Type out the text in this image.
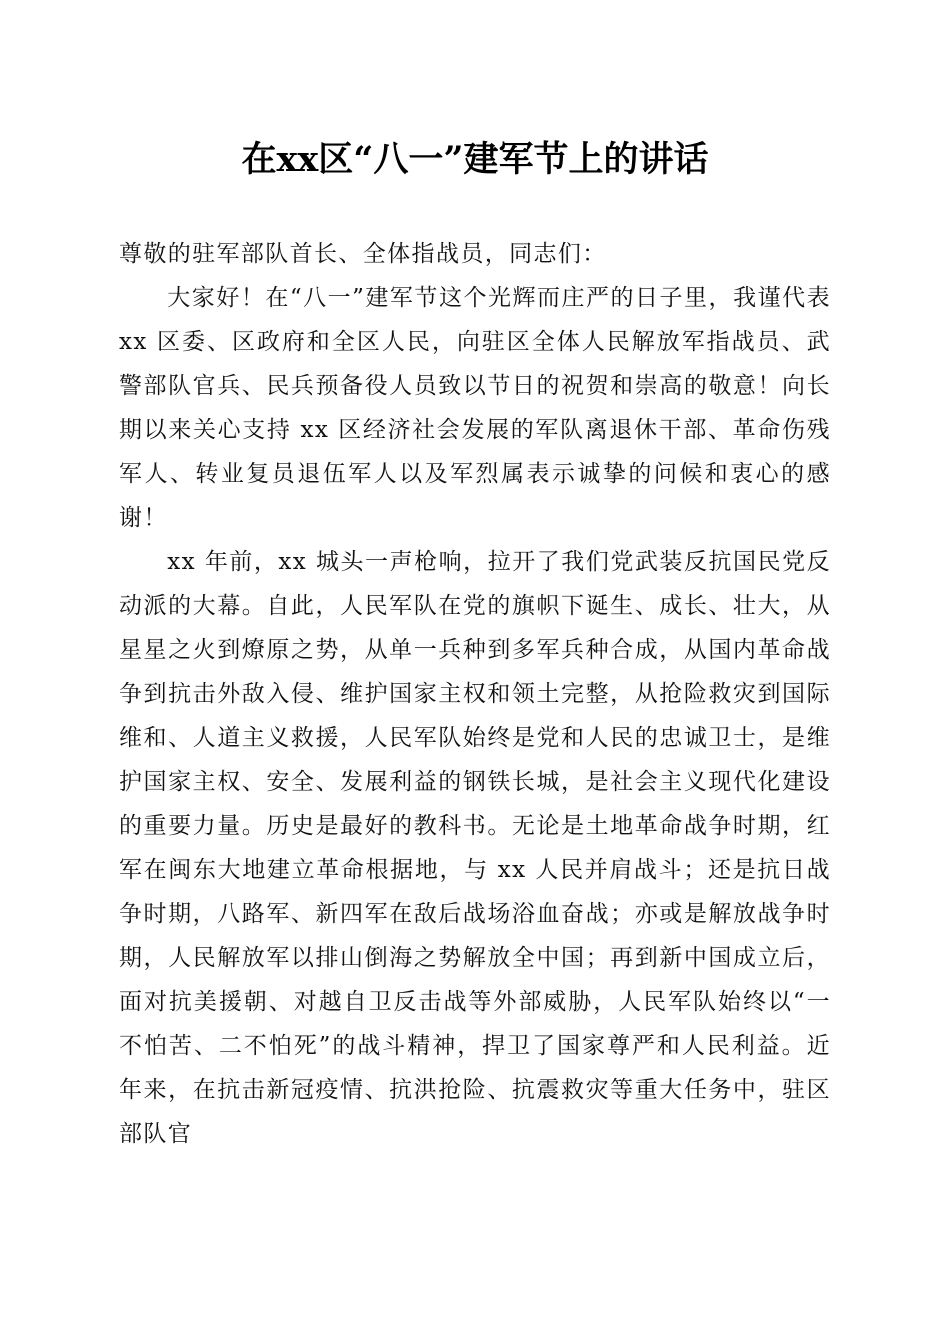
在xx区“八一”建军节上的讲话

尊敬的驻军部队首长、全体指战员，同志们：

大家好！在“八一”建军节这个光辉而庄严的日子里，我谨代表 xx 区委、区政府和全区人民，向驻区全体人民解放军指战员、武警部队官兵、民兵预备役人员致以节日的祝贺和崇高的敬意！向长期以来关心支持 xx 区经济社会发展的军队离退休干部、革命伤残军人、转业复员退伍军人以及军烈属表示诚挚的问候和衷心的感谢！

xx 年前，xx 城头一声枪响，拉开了我们党武装反抗国民党反动派的大幕。自此，人民军队在党的旗帜下诞生、成长、壮大，从星星之火到燎原之势，从单一兵种到多军兵种合成，从国内革命战争到抗击外敌入侵、维护国家主权和领土完整，从抢险救灾到国际维和、人道主义救援，人民军队始终是党和人民的忠诚卫士，是维护国家主权、安全、发展利益的钢铁长城，是社会主义现代化建设的重要力量。历史是最好的教科书。无论是土地革命战争时期，红军在闽东大地建立革命根据地，与 xx 人民并肩战斗；还是抗日战争时期，八路军、新四军在敌后战场浴血奋战；亦或是解放战争时期，人民解放军以排山倒海之势解放全中国；再到新中国成立后，面对抗美援朝、对越自卫反击战等外部威胁，人民军队始终以“一不怕苦、二不怕死”的战斗精神，捍卫了国家尊严和人民利益。近年来，在抗击新冠疫情、抗洪抢险、抗震救灾等重大任务中，驻区部队官
